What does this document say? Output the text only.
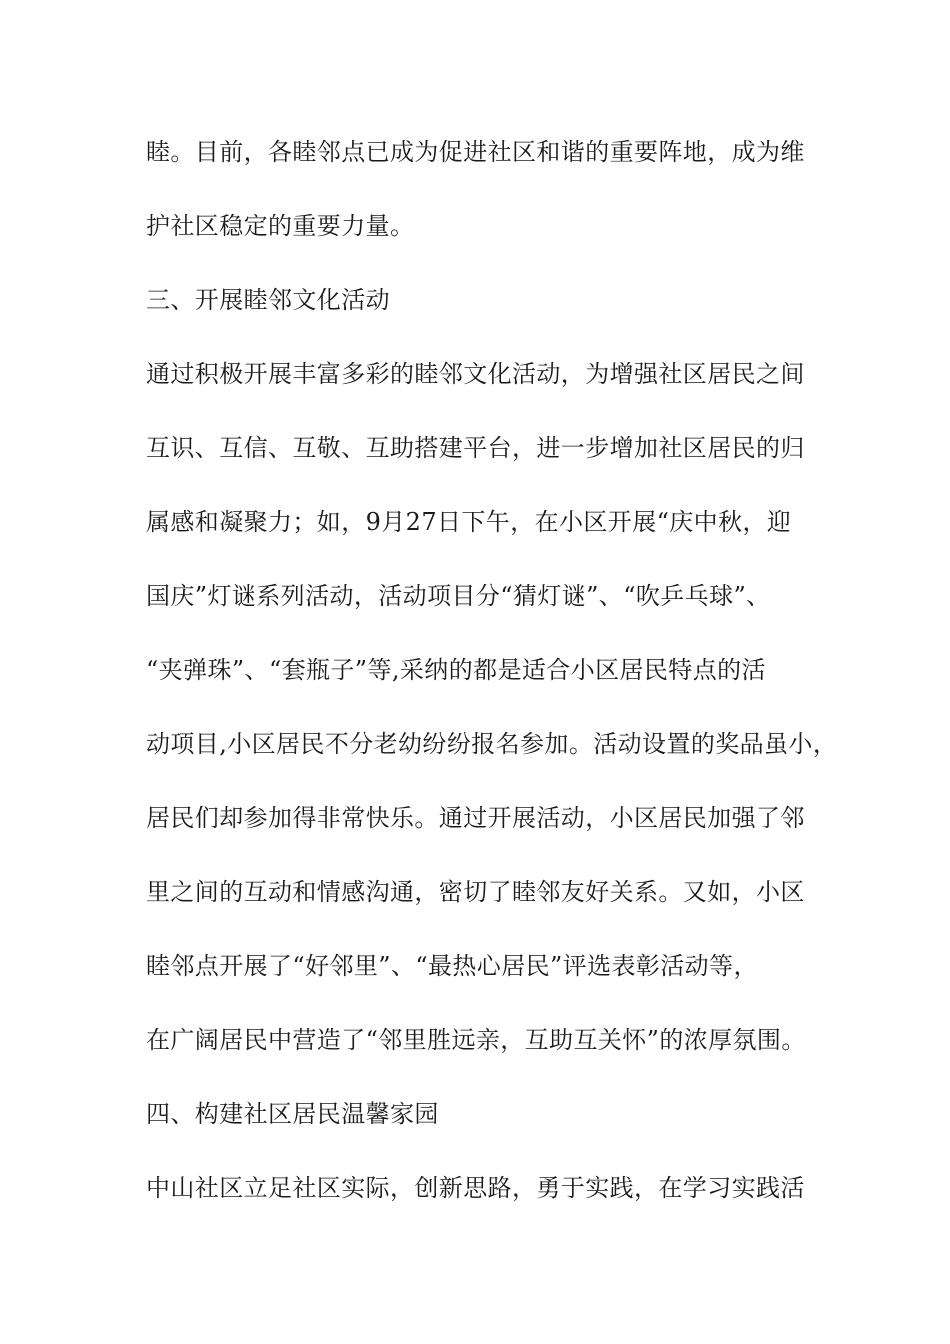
睦。目前，各睦邻点已成为促进社区和谐的重要阵地，成为维
护社区稳定的重要力量。
三、开展睦邻文化活动
通过积极开展丰富多彩的睦邻文化活动，为增强社区居民之间
互识、互信、互敬、互助搭建平台，进一步增加社区居民的归
属感和凝聚力；如，9月27日下午，在小区开展“庆中秋，迎
国庆”灯谜系列活动，活动项目分“猜灯谜”、“吹乒乓球”、
“夹弹珠”、“套瓶子”等,采纳的都是适合小区居民特点的活
动项目,小区居民不分老幼纷纷报名参加。活动设置的奖品虽小，
居民们却参加得非常快乐。通过开展活动，小区居民加强了邻
里之间的互动和情感沟通，密切了睦邻友好关系。又如，小区
睦邻点开展了“好邻里”、“最热心居民”评选表彰活动等，
在广阔居民中营造了“邻里胜远亲，互助互关怀”的浓厚氛围。
四、构建社区居民温馨家园
中山社区立足社区实际，创新思路，勇于实践，在学习实践活
